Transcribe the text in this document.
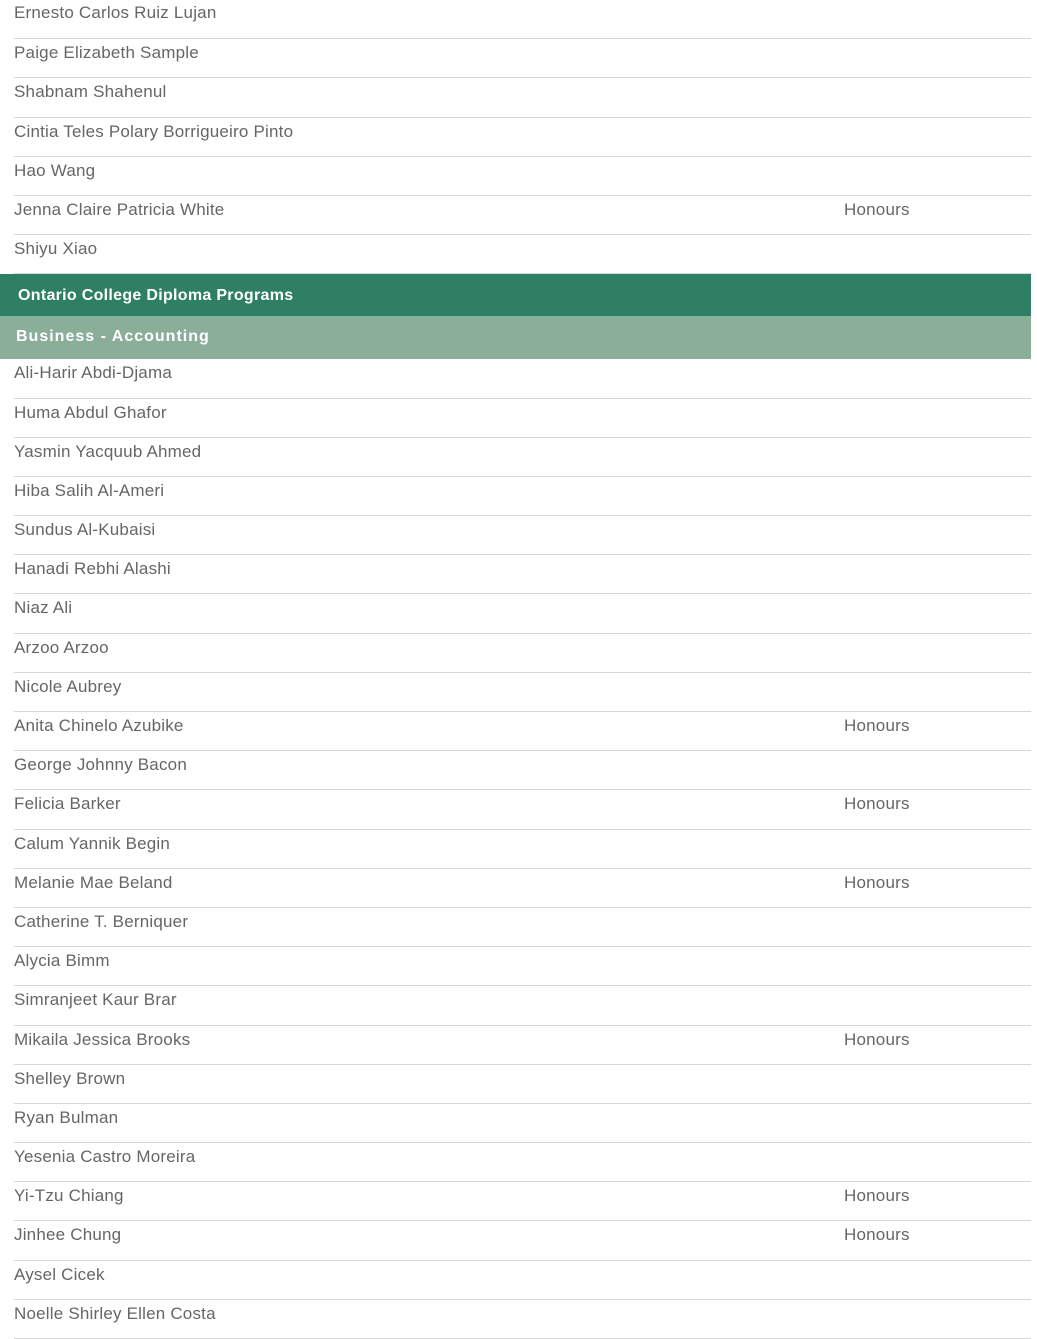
Ernesto Carlos Ruiz Lujan
Paige Elizabeth Sample
Shabnam Shahenul
Cintia Teles Polary Borrigueiro Pinto
Hao Wang
Jenna Claire Patricia White	Honours
Shiyu Xiao
Ontario College Diploma Programs
Business - Accounting
Ali-Harir Abdi-Djama
Huma Abdul Ghafor
Yasmin Yacquub Ahmed
Hiba Salih Al-Ameri
Sundus Al-Kubaisi
Hanadi Rebhi Alashi
Niaz Ali
Arzoo Arzoo
Nicole Aubrey
Anita Chinelo Azubike	Honours
George Johnny Bacon
Felicia Barker	Honours
Calum Yannik Begin
Melanie Mae Beland	Honours
Catherine T. Berniquer
Alycia Bimm
Simranjeet Kaur Brar
Mikaila Jessica Brooks	Honours
Shelley Brown
Ryan Bulman
Yesenia Castro Moreira
Yi-Tzu Chiang	Honours
Jinhee Chung	Honours
Aysel Cicek
Noelle Shirley Ellen Costa
